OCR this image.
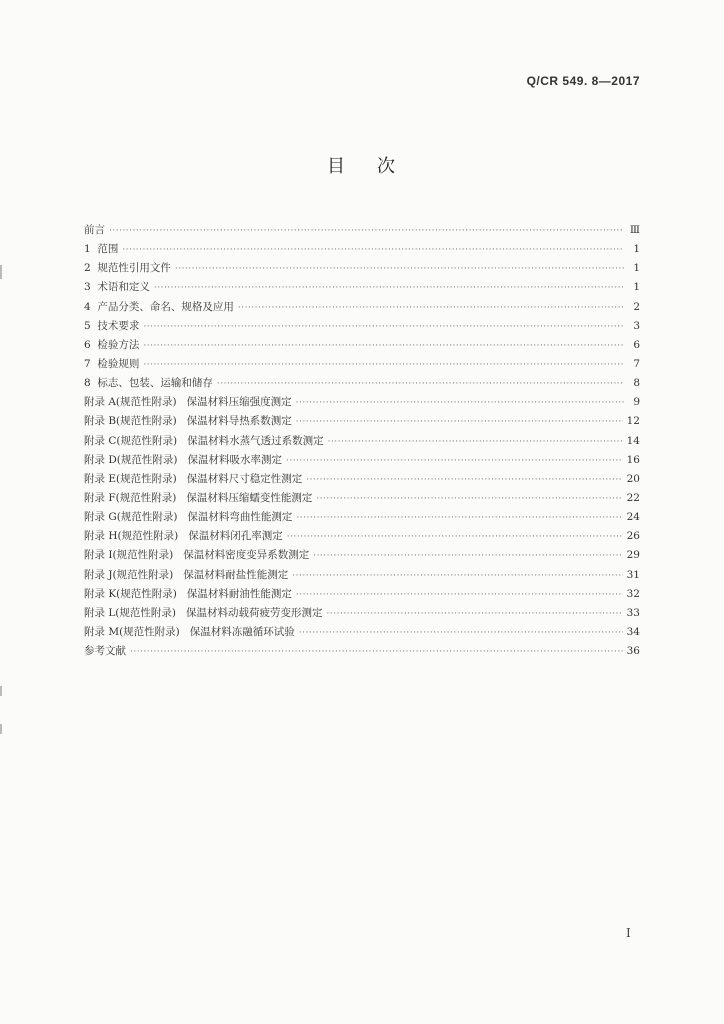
Q/CR 549. 8—2017
目 次
前言 ·····	Ⅲ
1  范围 ·····	1
2  规范性引用文件 ·····	1
3  术语和定义 ·····	1
4  产品分类、命名、规格及应用 ·····	2
5  技术要求 ·····	3
6  检验方法 ·····	6
7  检验规则 ·····	7
8  标志、包装、运输和储存 ·····	8
附录 A(规范性附录)   保温材料压缩强度测定 ·····	9
附录 B(规范性附录)   保温材料导热系数测定 ·····	12
附录 C(规范性附录)   保温材料水蒸气透过系数测定 ·····	14
附录 D(规范性附录)   保温材料吸水率测定 ·····	16
附录 E(规范性附录)   保温材料尺寸稳定性测定 ·····	20
附录 F(规范性附录)   保温材料压缩蠕变性能测定 ·····	22
附录 G(规范性附录)   保温材料弯曲性能测定 ·····	24
附录 H(规范性附录)   保温材料闭孔率测定 ·····	26
附录 I(规范性附录)   保温材料密度变异系数测定 ·····	29
附录 J(规范性附录)   保温材料耐盐性能测定 ·····	31
附录 K(规范性附录)   保温材料耐油性能测定 ·····	32
附录 L(规范性附录)   保温材料动载荷疲劳变形测定 ·····	33
附录 M(规范性附录)   保温材料冻融循环试验 ·····	34
参考文献 ·····	36
I
